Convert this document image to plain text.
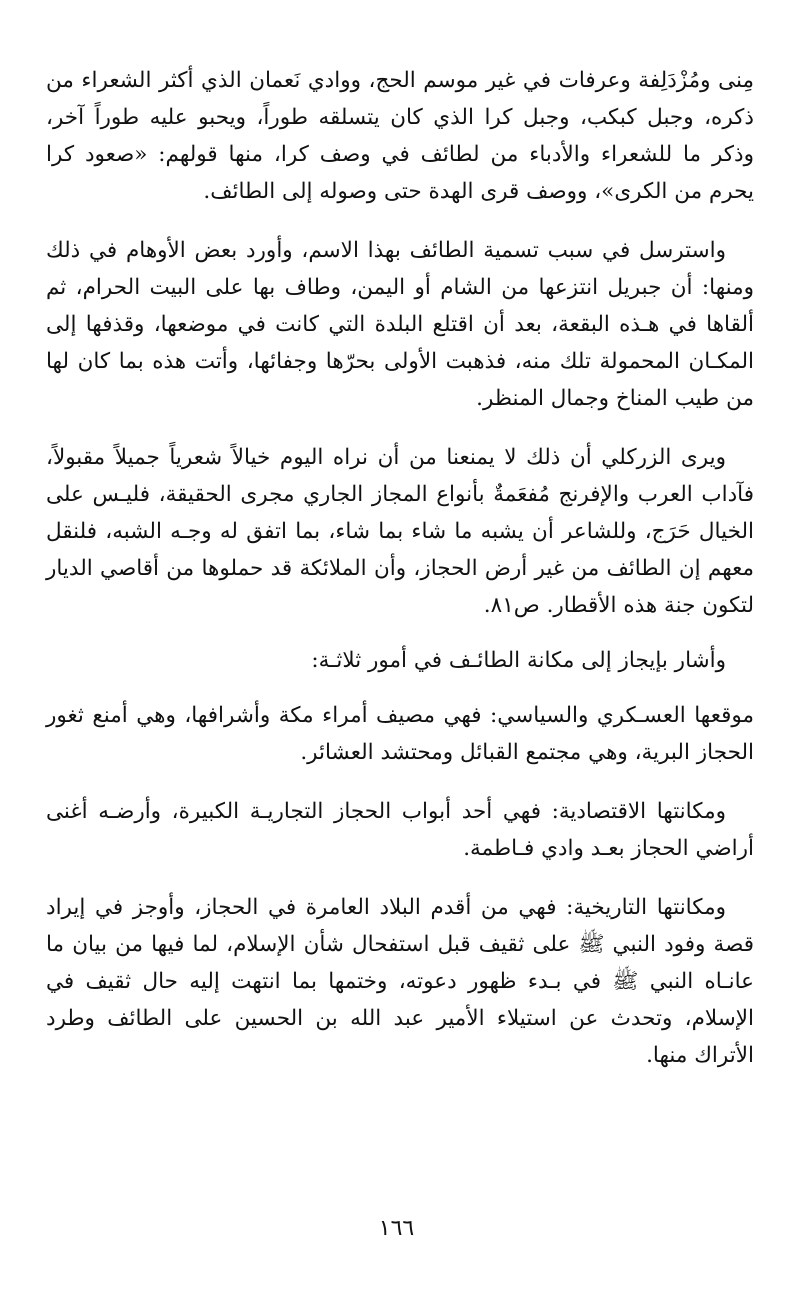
مِنى ومُزْدَلِفة وعرفات في غير موسم الحج، ووادي نَعمان الذي أكثر الشعراء من ذكره، وجبل كبكب، وجبل كرا الذي كان يتسلقه طوراً، ويحبو عليه طوراً آخر، وذكر ما للشعراء والأدباء من لطائف في وصف كرا، منها قولهم: «صعود كرا يحرم من الكرى»، ووصف قرى الهدة حتى وصوله إلى الطائف.

واسترسل في سبب تسمية الطائف بهذا الاسم، وأورد بعض الأوهام في ذلك ومنها: أن جبريل انتزعها من الشام أو اليمن، وطاف بها على البيت الحرام، ثم ألقاها في هـذه البقعة، بعد أن اقتلع البلدة التي كانت في موضعها، وقذفها إلى المكـان المحمولة تلك منه، فذهبت الأولى بحرّها وجفائها، وأتت هذه بما كان لها من طيب المناخ وجمال المنظر.

ويرى الزركلي أن ذلك لا يمنعنا من أن نراه اليوم خيالاً شعرياً جميلاً مقبولاً، فآداب العرب والإفرنج مُفعَمةٌ بأنواع المجاز الجاري مجرى الحقيقة، فليـس على الخيال حَرَج، وللشاعر أن يشبه ما شاء بما شاء، بما اتفق له وجـه الشبه، فلنقل معهم إن الطائف من غير أرض الحجاز، وأن الملائكة قد حملوها من أقاصي الديار لتكون جنة هذه الأقطار. ص٨١.

وأشار بإيجاز إلى مكانة الطائـف في أمور ثلاثـة:

موقعها العسـكري والسياسي: فهي مصيف أمراء مكة وأشرافها، وهي أمنع ثغور الحجاز البرية، وهي مجتمع القبائل ومحتشد العشائر.

ومكانتها الاقتصادية: فهي أحد أبواب الحجاز التجاريـة الكبيرة، وأرضـه أغنى أراضي الحجاز بعـد وادي فـاطمة.

ومكانتها التاريخية: فهي من أقدم البلاد العامرة في الحجاز، وأوجز في إيراد قصة وفود النبي ﷺ على ثقيف قبل استفحال شأن الإسلام، لما فيها من بيان ما عانـاه النبي ﷺ في بـدء ظهور دعوته، وختمها بما انتهت إليه حال ثقيف في الإسلام، وتحدث عن استيلاء الأمير عبد الله بن الحسين على الطائف وطرد الأتراك منها.

١٦٦
